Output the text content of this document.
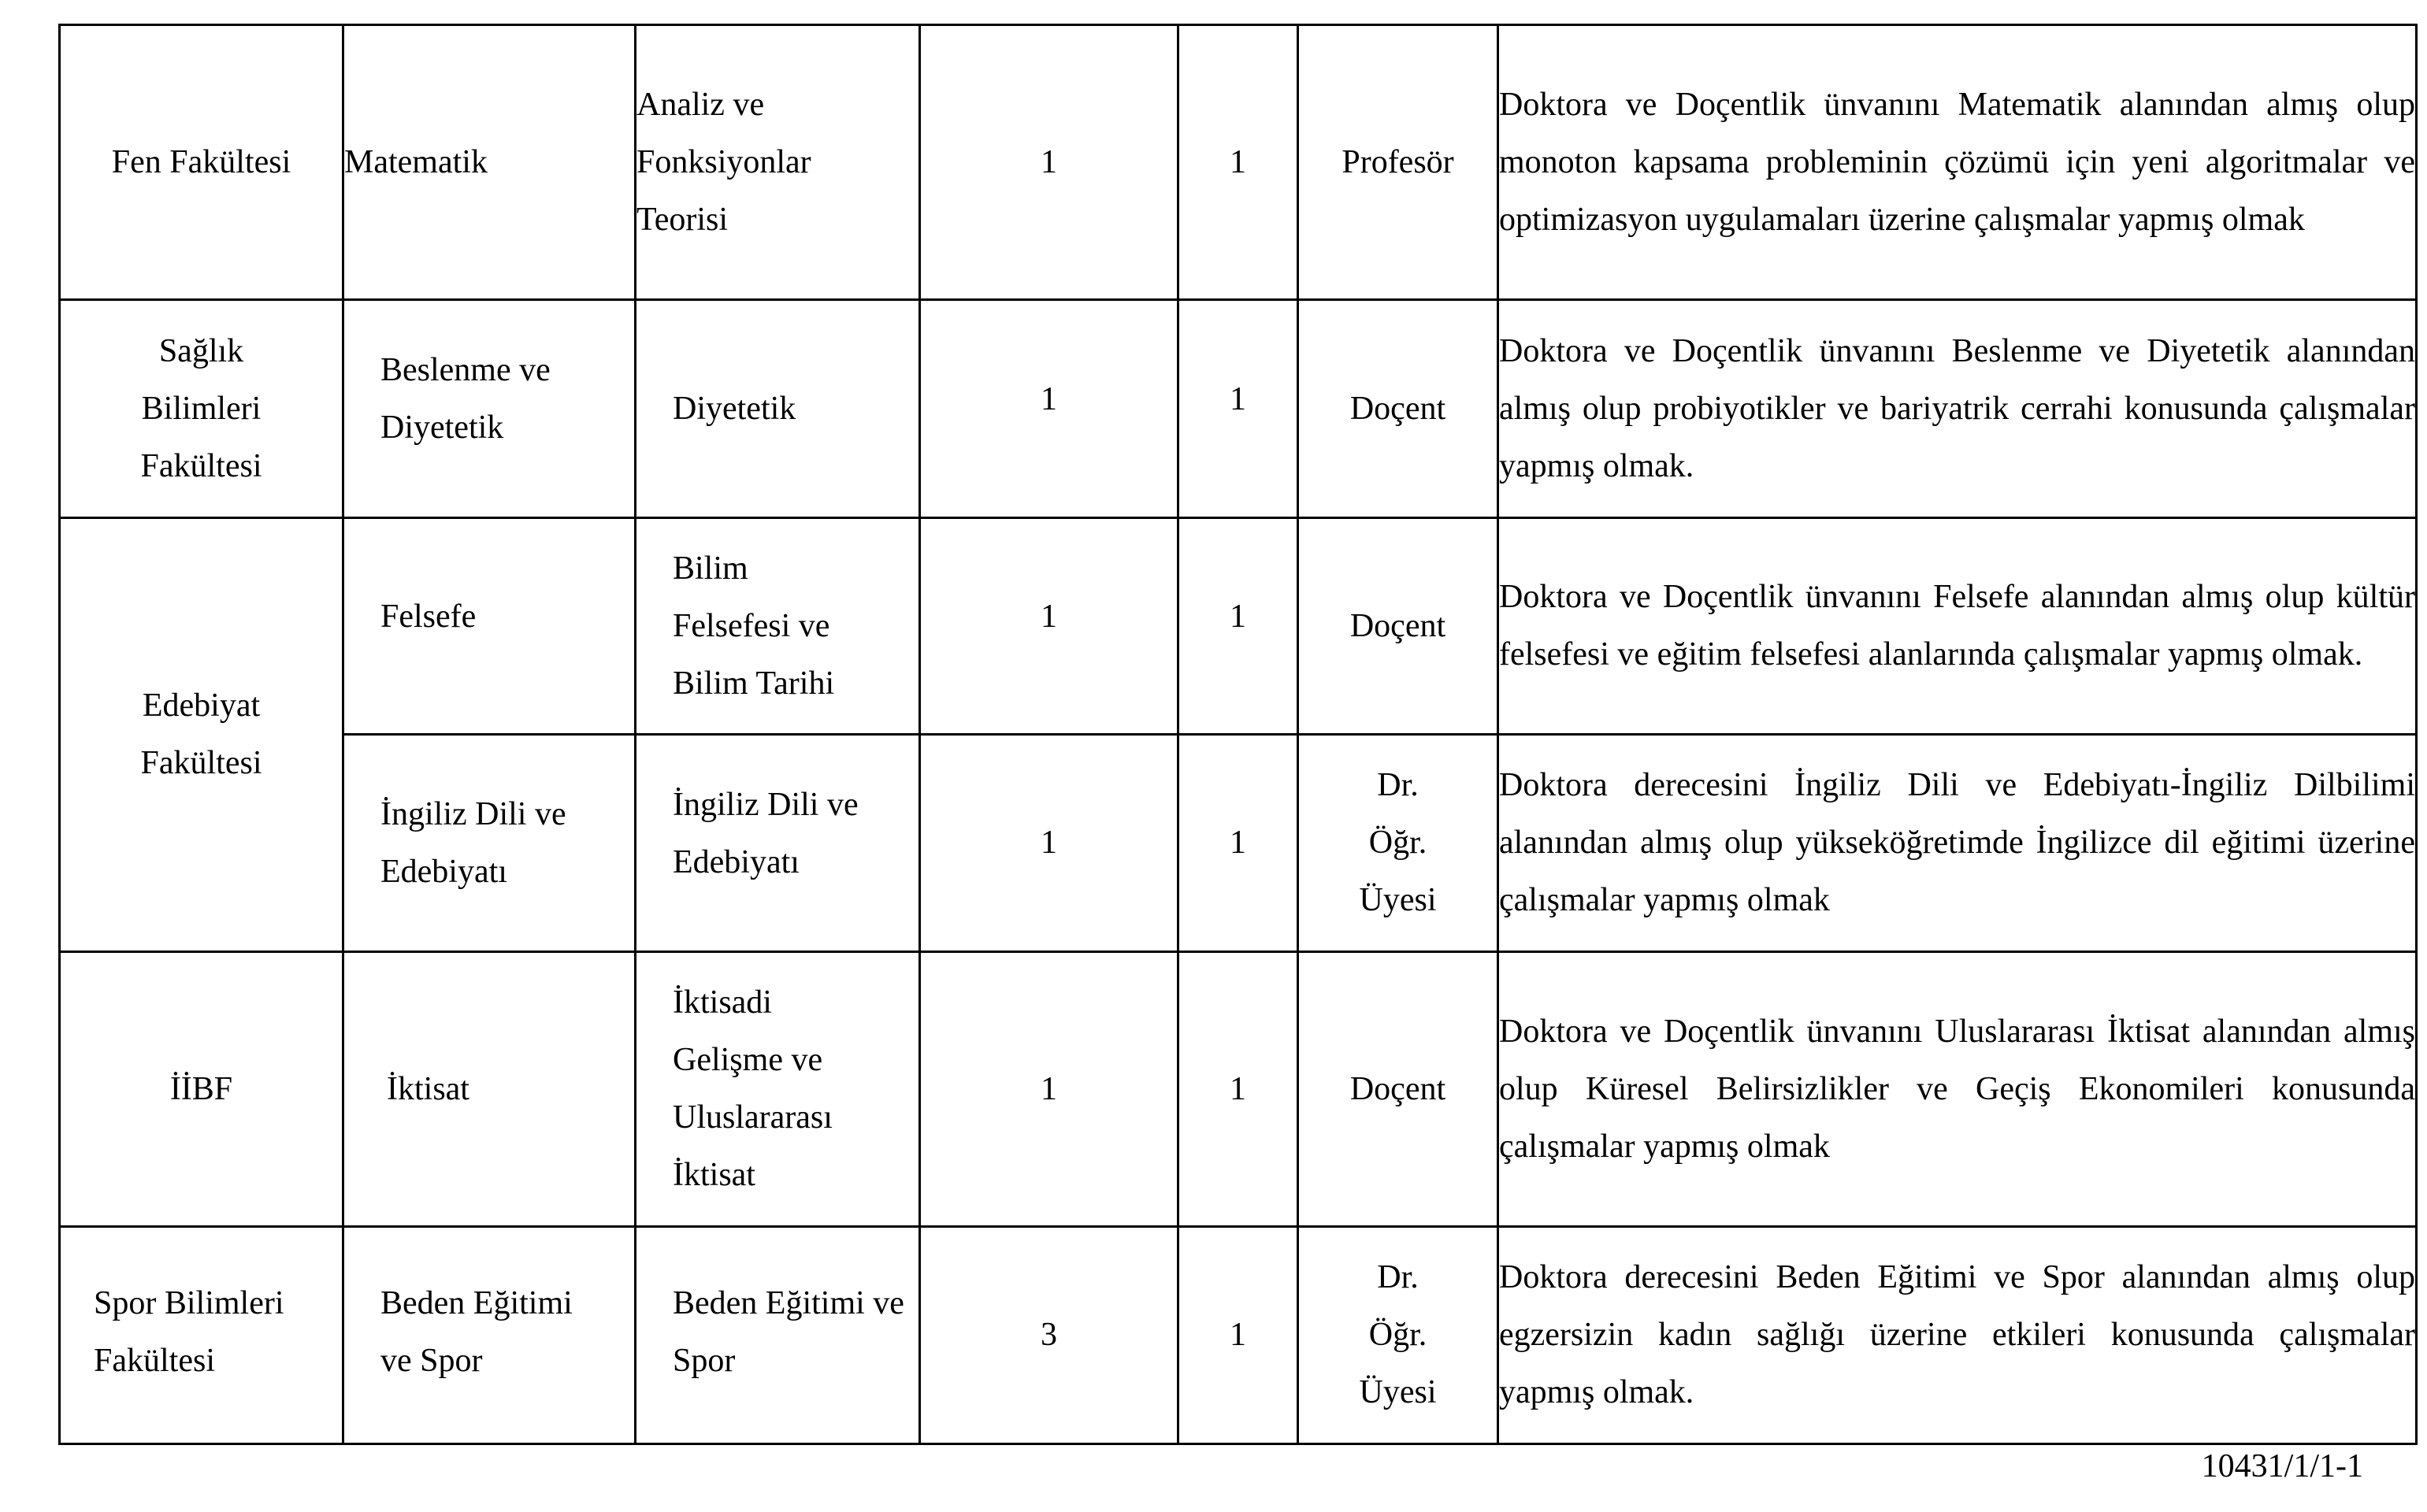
Fen Fakültesi	Matematik	Analiz ve Fonksiyonlar Teorisi	1	1	Profesör	Doktora ve Doçentlik ünvanını Matematik alanından almış olup monoton kapsama probleminin çözümü için yeni algoritmalar ve optimizasyon uygulamaları üzerine çalışmalar yapmış olmak
Sağlık Bilimleri Fakültesi	Beslenme ve Diyetetik	Diyetetik	1	1	Doçent	Doktora ve Doçentlik ünvanını Beslenme ve Diyetetik alanından almış olup probiyotikler ve bariyatrik cerrahi konusunda çalışmalar yapmış olmak.
Edebiyat Fakültesi	Felsefe	Bilim Felsefesi ve Bilim Tarihi	1	1	Doçent	Doktora ve Doçentlik ünvanını Felsefe alanından almış olup kültür felsefesi ve eğitim felsefesi alanlarında çalışmalar yapmış olmak.
	İngiliz Dili ve Edebiyatı	İngiliz Dili ve Edebiyatı	1	1	Dr. Öğr. Üyesi	Doktora derecesini İngiliz Dili ve Edebiyatı-İngiliz Dilbilimi alanından almış olup yükseköğretimde İngilizce dil eğitimi üzerine çalışmalar yapmış olmak
İİBF	İktisat	İktisadi Gelişme ve Uluslararası İktisat	1	1	Doçent	Doktora ve Doçentlik ünvanını Uluslararası İktisat alanından almış olup Küresel Belirsizlikler ve Geçiş Ekonomileri konusunda çalışmalar yapmış olmak

Spor Bilimleri Fakültesi	Beden Eğitimi ve Spor	Beden Eğitimi ve Spor	3	1	Dr. Öğr. Üyesi	Doktora derecesini Beden Eğitimi ve Spor alanından almış olup egzersizin kadın sağlığı üzerine etkileri konusunda çalışmalar yapmış olmak.
10431/1/1-1
